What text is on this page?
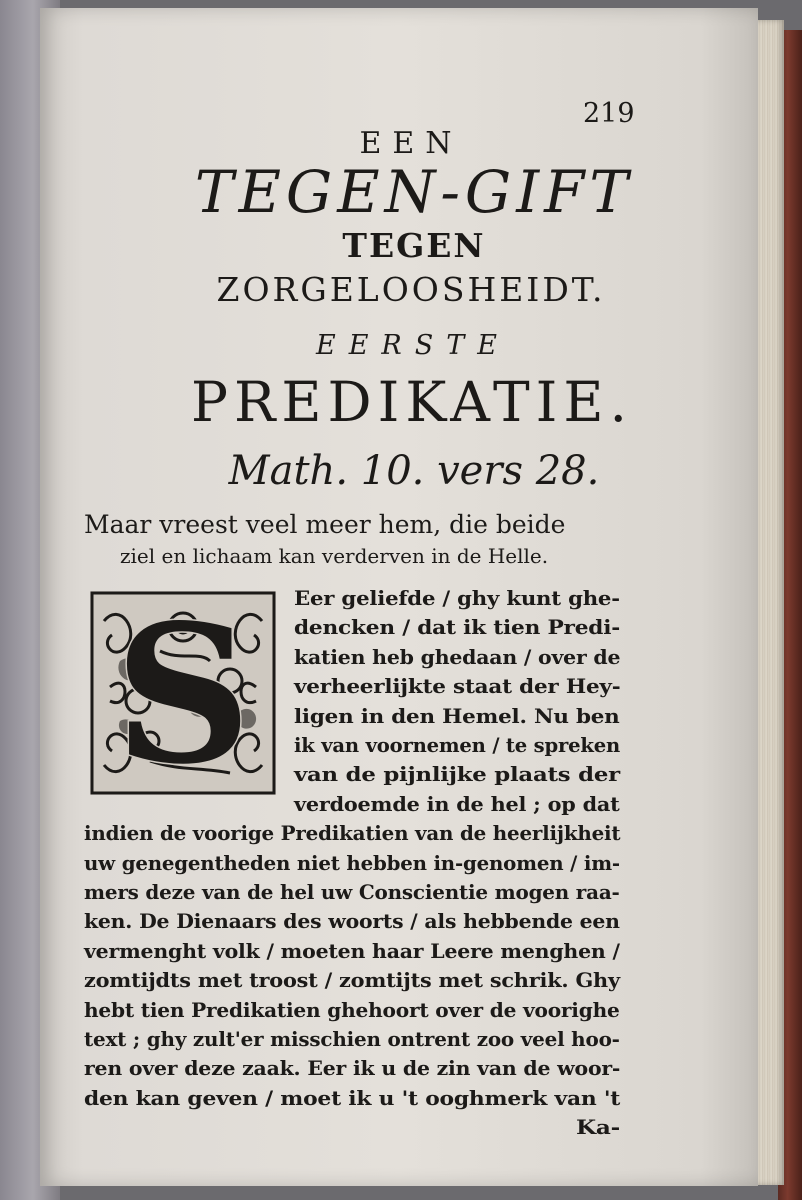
219
EEN
TEGEN-GIFT
TEGEN
ZORGELOOSHEIDT.
EERSTE
PREDIKATIE.
Math. 10. vers 28.
Maar vreest veel meer hem, die beide
ziel en lichaam kan verderven in de Helle.
S Eer geliefde / ghy kunt ghe-
dencken / dat ik tien Predi-
katien heb ghedaan / over de
verheerlijkte staat der Hey-
ligen in den Hemel. Nu ben
ik van voornemen / te spreken
van de pijnlijke plaats der
verdoemde in de hel ; op dat
indien de voorige Predikatien van de heerlijkheit
uw genegentheden niet hebben in-genomen / im-
mers deze van de hel uw Conscientie mogen raa-
ken. De Dienaars des woorts / als hebbende een
vermenght volk / moeten haar Leere menghen /
zomtijdts met troost / zomtijts met schrik. Ghy
hebt tien Predikatien ghehoort over de voorighe
text ; ghy zult'er misschien ontrent zoo veel hoo-
ren over deze zaak. Eer ik u de zin van de woor-
den kan geven / moet ik u 't ooghmerk van 't
Ka-
